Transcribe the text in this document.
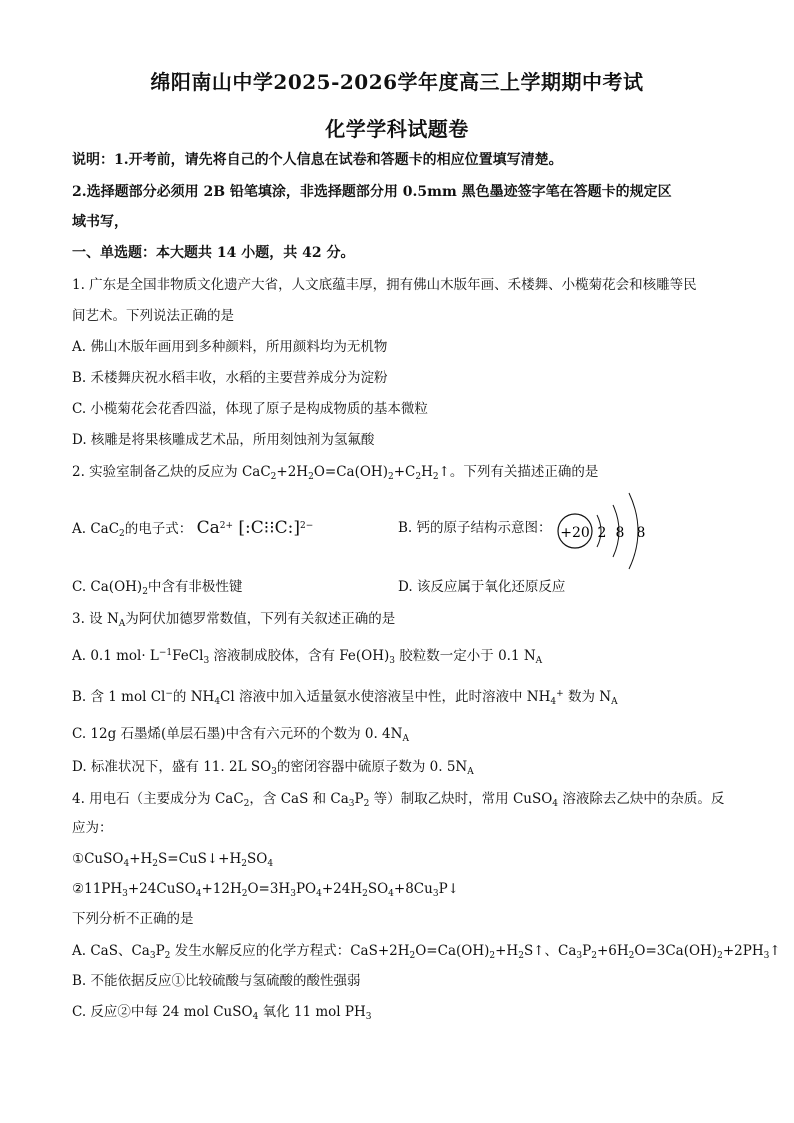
绵阳南山中学2025-2026学年度高三上学期期中考试
化学学科试题卷
说明：1.开考前，请先将自己的个人信息在试卷和答题卡的相应位置填写清楚。
2.选择题部分必须用 2B 铅笔填涂，非选择题部分用 0.5mm 黑色墨迹签字笔在答题卡的规定区
域书写，
一、单选题：本大题共 14 小题，共 42 分。
1. 广东是全国非物质文化遗产大省，人文底蕴丰厚，拥有佛山木版年画、禾楼舞、小榄菊花会和核雕等民
间艺术。下列说法正确的是
A. 佛山木版年画用到多种颜料，所用颜料均为无机物
B. 禾楼舞庆祝水稻丰收，水稻的主要营养成分为淀粉
C. 小榄菊花会花香四溢，体现了原子是构成物质的基本微粒
D. 核雕是将果核雕成艺术品，所用刻蚀剂为氢氟酸
2. 实验室制备乙炔的反应为 $CaC_2+2H_2O=Ca(OH)_2+C_2H_2↑$。下列有关描述正确的是
A. CaC$_2$的电子式： $Ca^{2+}$ [:C⁝⁝C:]$^{2-}$	B. 钙的原子结构示意图： +20 2 8 8
C. $Ca(OH)_2$中含有非极性键	D. 该反应属于氧化还原反应
3. 设 $N_A$为阿伏加德罗常数值，下列有关叙述正确的是
A. 0.1 $mol\cdot L^{-1}FeCl_3$ 溶液制成胶体，含有 $Fe(OH)_3$ 胶粒数一定小于 0.1 $N_A$
B. 含 1 mol Cl−的 $NH_4Cl$ 溶液中加入适量氨水使溶液呈中性，此时溶液中 $NH_4^+$ 数为 $N_A$
C. 12g 石墨烯(单层石墨)中含有六元环的个数为 0. $4N_A$
D. 标准状况下，盛有 11. 2L $SO_3$的密闭容器中硫原子数为 0. $5N_A$
4. 用电石（主要成分为 CaC$_2$，含 CaS 和 $Ca_3P_2$ 等）制取乙炔时，常用 CuSO$_4$ 溶液除去乙炔中的杂质。反
应为：
$①CuSO_4+H_2S=CuS↓+H_2SO_4$
$②11PH_3+24CuSO_4+12H_2O=3H_3PO_4+24H_2SO_4+8Cu_3P↓$
下列分析不正确的是
A. CaS、$Ca_3P_2$ 发生水解反应的化学方程式：$CaS+2H_2O=Ca(OH)_2+H_2S↑$、$Ca_3P_2+6H_2O=3Ca(OH)_2+2PH_3↑$
B. 不能依据反应①比较硫酸与氢硫酸的酸性强弱
C. 反应②中每 24 mol CuSO$_4$ 氧化 11 mol $PH_3$
